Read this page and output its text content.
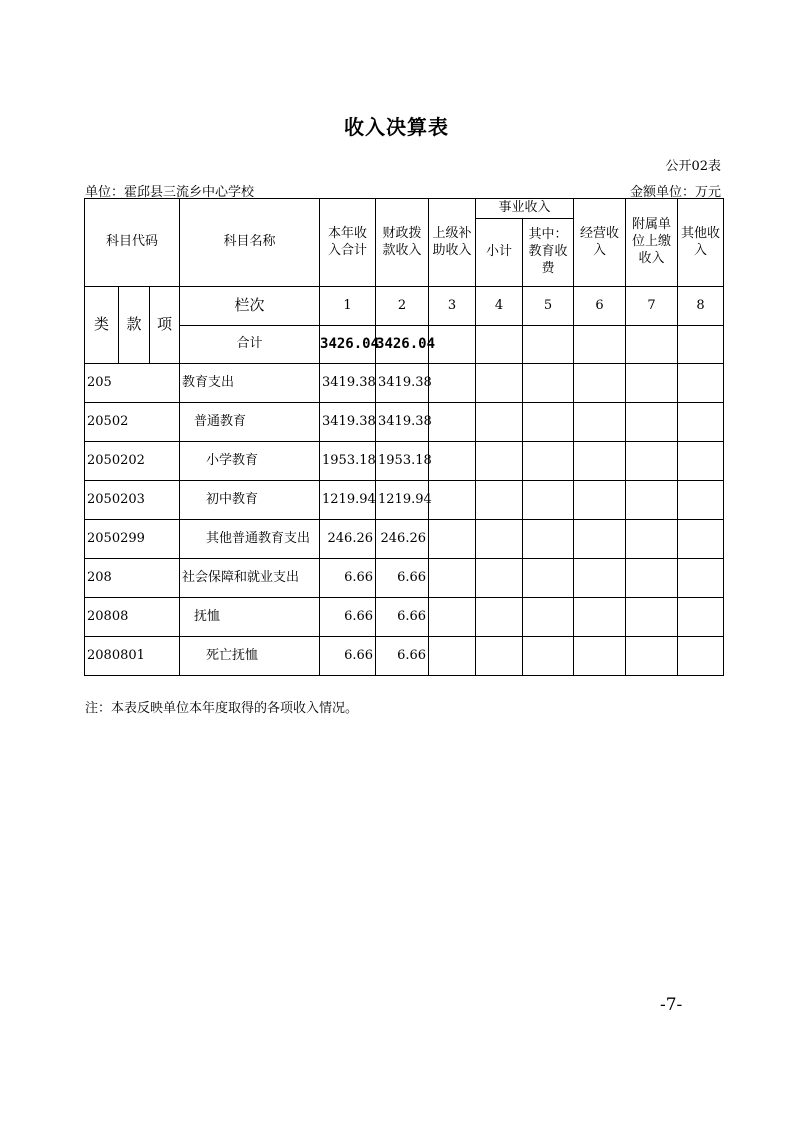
收入决算表
公开02表
单位：霍邱县三流乡中心学校	金额单位：万元
科目代码			科目名称	本年收入合计	财政拨款收入	上级补助收入	事业收入		经营收入	附属单位上缴收入	其他收入
							小计	其中：教育收费			
类	款	项	栏次	1	2	3	4	5	6	7	8
			合计	3426.04	3426.04						
205			教育支出	3419.38	3419.38						
20502			普通教育	3419.38	3419.38						
2050202			小学教育	1953.18	1953.18						
2050203			初中教育	1219.94	1219.94						
2050299			其他普通教育支出	246.26	246.26						
208			社会保障和就业支出	6.66	6.66						
20808			抚恤	6.66	6.66						
2080801			死亡抚恤	6.66	6.66						
注：本表反映单位本年度取得的各项收入情况。
-7-
